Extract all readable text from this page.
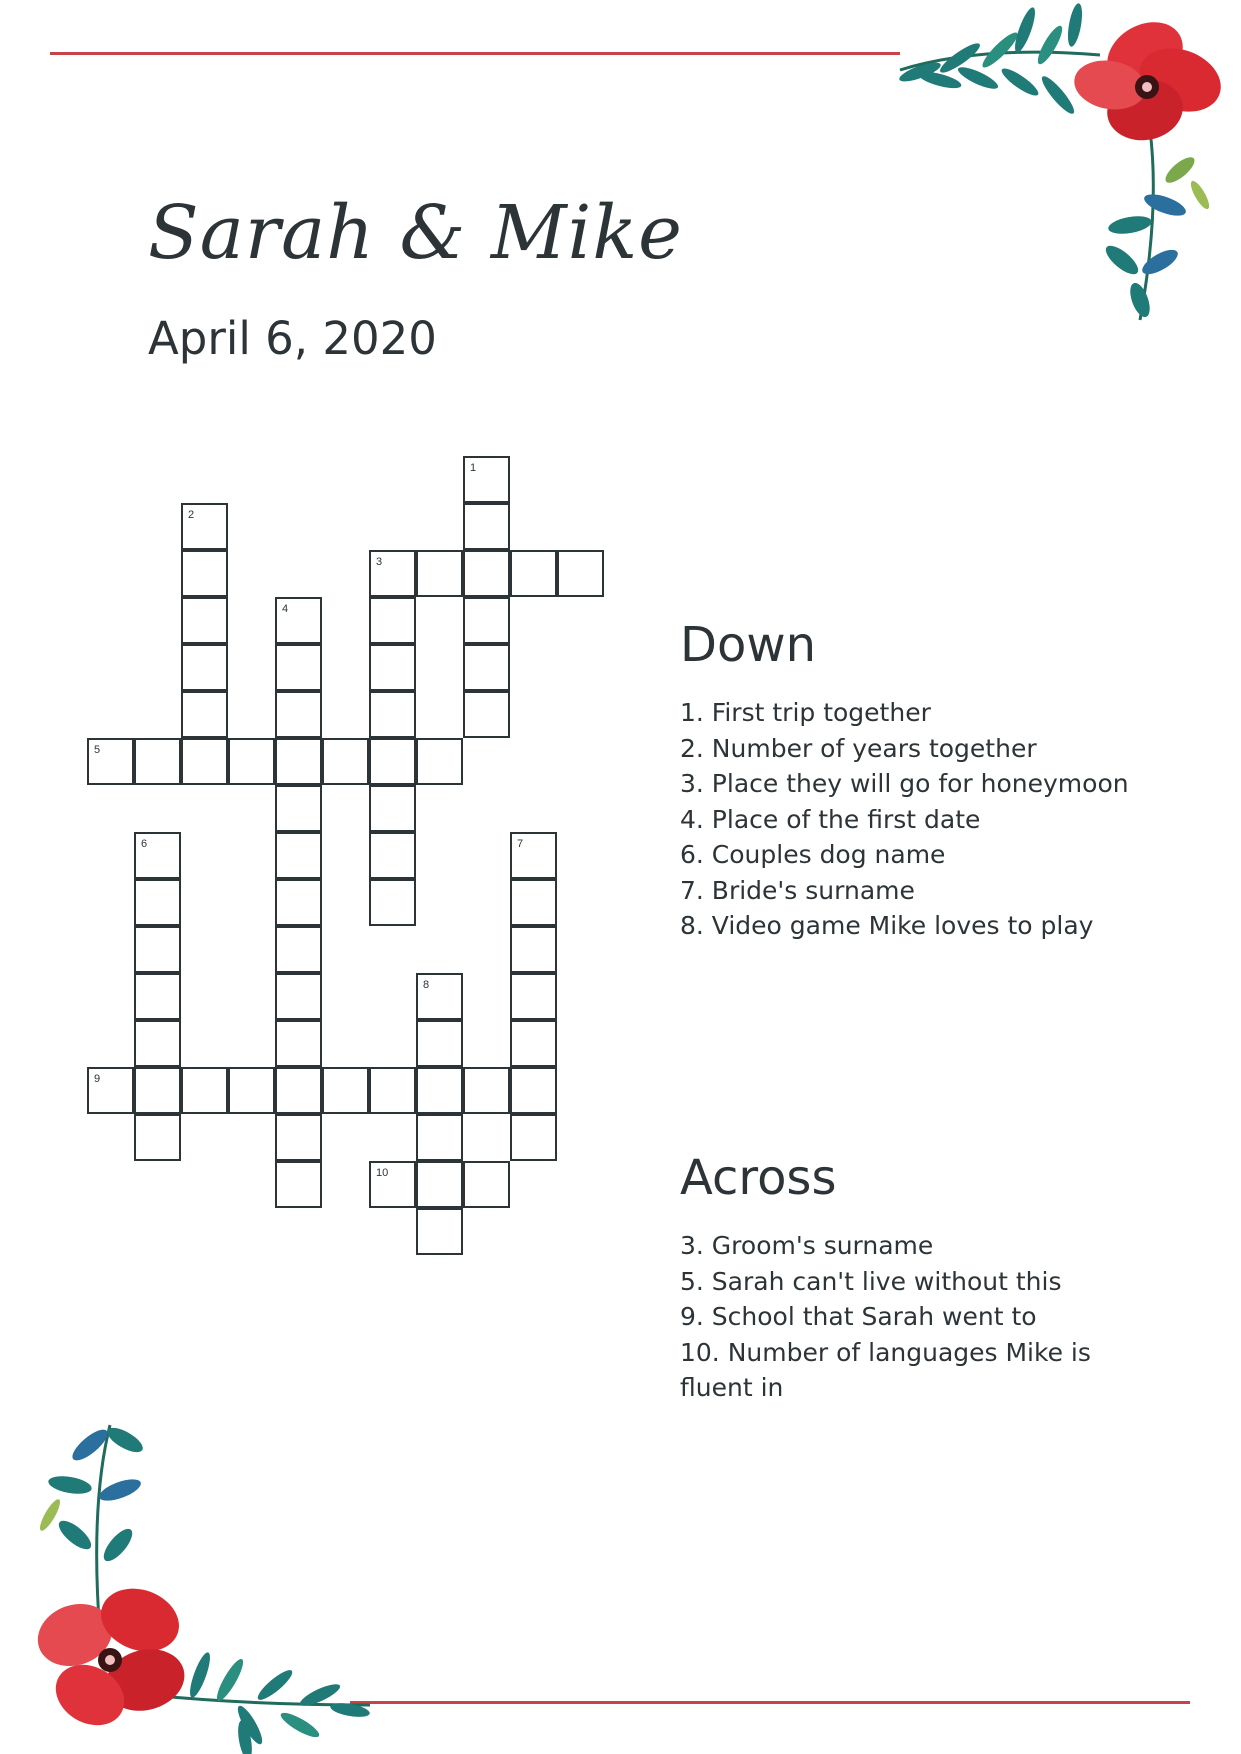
Sarah & Mike
April 6, 2020
1
2
3
4
5
6	7
8
9
10
Down
1. First trip together
2. Number of years together
3. Place they will go for honeymoon
4. Place of the first date
6. Couples dog name
7. Bride's surname
8. Video game Mike loves to play
Across
3. Groom's surname
5. Sarah can't live without this
9. School that Sarah went to
10. Number of languages Mike is fluent in
